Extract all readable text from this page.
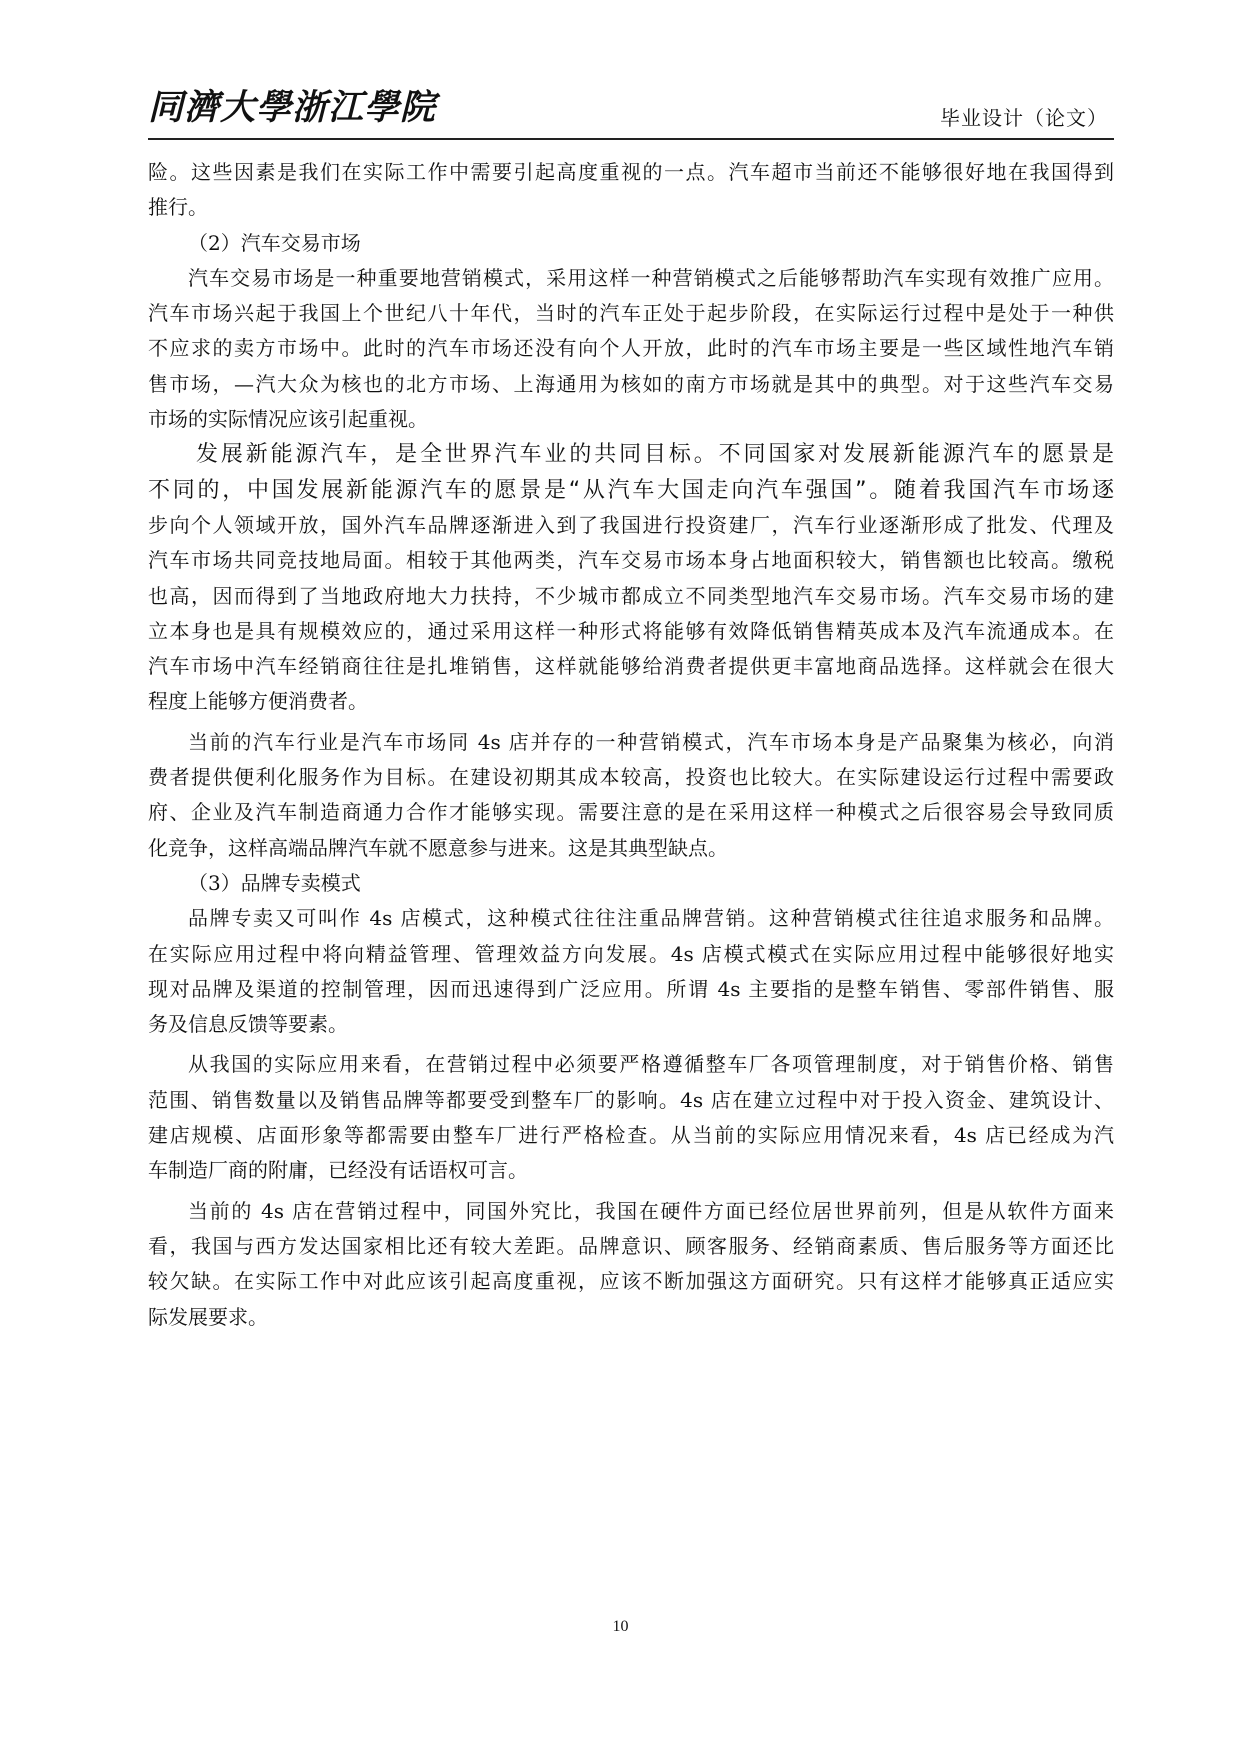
同濟大學浙江學院	毕业设计（论文）
险。这些因素是我们在实际工作中需要引起高度重视的一点。汽车超市当前还不能够很好地在我国得到
推行。
（2）汽车交易市场
汽车交易市场是一种重要地营销模式，采用这样一种营销模式之后能够帮助汽车实现有效推广应用。
汽车市场兴起于我国上个世纪八十年代，当时的汽车正处于起步阶段，在实际运行过程中是处于一种供
不应求的卖方市场中。此时的汽车市场还没有向个人开放，此时的汽车市场主要是一些区域性地汽车销
售市场，—汽大众为核也的北方市场、上海通用为核如的南方市场就是其中的典型。对于这些汽车交易
市场的实际情况应该引起重视。
发展新能源汽车，是全世界汽车业的共同目标。不同国家对发展新能源汽车的愿景是
不同的，中国发展新能源汽车的愿景是“从汽车大国走向汽车强国”。随着我国汽车市场逐
步向个人领域开放，国外汽车品牌逐渐进入到了我国进行投资建厂，汽车行业逐渐形成了批发、代理及
汽车市场共同竞技地局面。相较于其他两类，汽车交易市场本身占地面积较大，销售额也比较高。缴税
也高，因而得到了当地政府地大力扶持，不少城市都成立不同类型地汽车交易市场。汽车交易市场的建
立本身也是具有规模效应的，通过采用这样一种形式将能够有效降低销售精英成本及汽车流通成本。在
汽车市场中汽车经销商往往是扎堆销售，这样就能够给消费者提供更丰富地商品选择。这样就会在很大
程度上能够方便消费者。
当前的汽车行业是汽车市场同 4s 店并存的一种营销模式，汽车市场本身是产品聚集为核必，向消
费者提供便利化服务作为目标。在建设初期其成本较高，投资也比较大。在实际建设运行过程中需要政
府、企业及汽车制造商通力合作才能够实现。需要注意的是在采用这样一种模式之后很容易会导致同质
化竞争，这样高端品牌汽车就不愿意参与进来。这是其典型缺点。
（3）品牌专卖模式
品牌专卖又可叫作 4s 店模式，这种模式往往注重品牌营销。这种营销模式往往追求服务和品牌。
在实际应用过程中将向精益管理、管理效益方向发展。4s 店模式模式在实际应用过程中能够很好地实
现对品牌及渠道的控制管理，因而迅速得到广泛应用。所谓 4s 主要指的是整车销售、零部件销售、服
务及信息反馈等要素。
从我国的实际应用来看，在营销过程中必须要严格遵循整车厂各项管理制度，对于销售价格、销售
范围、销售数量以及销售品牌等都要受到整车厂的影响。4s 店在建立过程中对于投入资金、建筑设计、
建店规模、店面形象等都需要由整车厂进行严格检查。从当前的实际应用情况来看，4s 店已经成为汽
车制造厂商的附庸，已经没有话语权可言。
当前的 4s 店在营销过程中，同国外究比，我国在硬件方面已经位居世界前列，但是从软件方面来
看，我国与西方发达国家相比还有较大差距。品牌意识、顾客服务、经销商素质、售后服务等方面还比
较欠缺。在实际工作中对此应该引起高度重视，应该不断加强这方面研究。只有这样才能够真正适应实
际发展要求。
10
